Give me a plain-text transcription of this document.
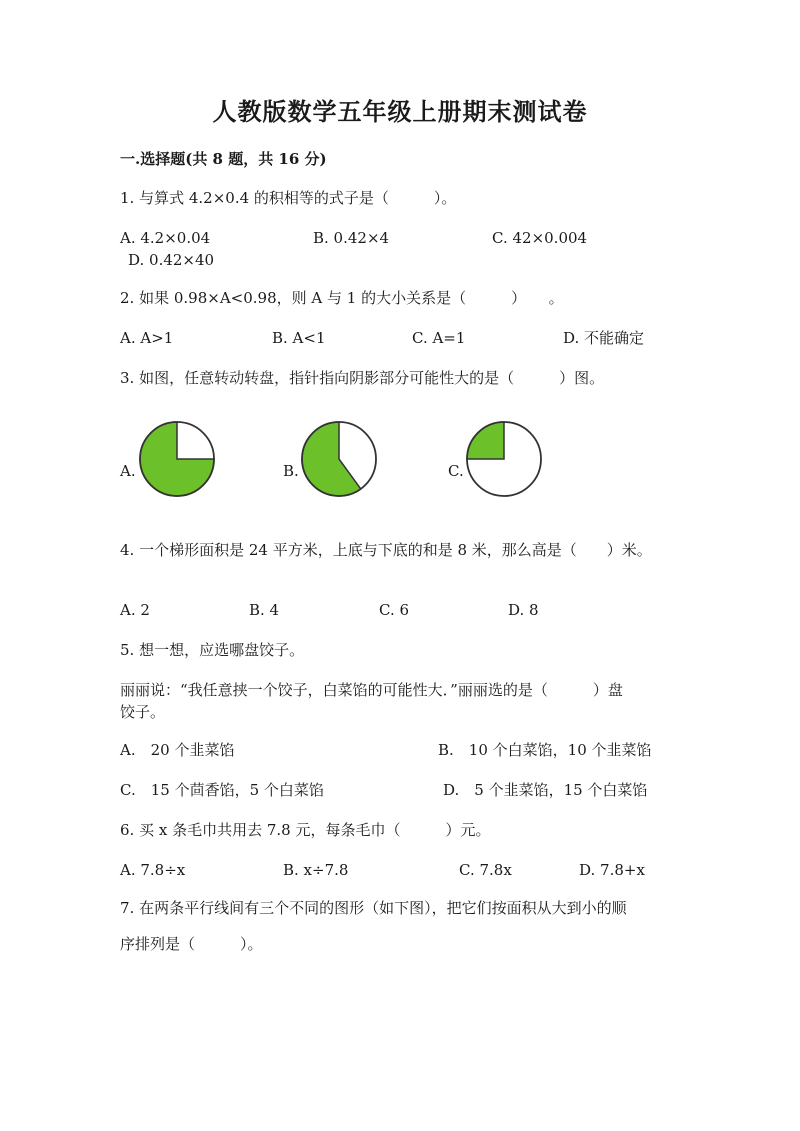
人教版数学五年级上册期末测试卷
一.选择题(共 8 题，共 16 分)
1. 与算式 4.2×0.4 的积相等的式子是（　　　）。
A. 4.2×0.04	B. 0.42×4	C. 42×0.004
D. 0.42×40
2. 如果 0.98×A<0.98，则 A 与 1 的大小关系是（　　　）　　。
A. A>1	B. A<1	C. A=1	D. 不能确定
3. 如图，任意转动转盘，指针指向阴影部分可能性大的是（　　　）图。
A.	B.	C.
4. 一个梯形面积是 24 平方米，上底与下底的和是 8 米，那么高是（　　）米。
A. 2	B. 4	C. 6	D. 8
5. 想一想，应选哪盘饺子。
丽丽说：“我任意挟一个饺子，白菜馅的可能性大．”丽丽选的是（　　　）盘
饺子。
A.　20 个韭菜馅	B.　10 个白菜馅，10 个韭菜馅
C.　15 个茴香馅，5 个白菜馅	D.　5 个韭菜馅，15 个白菜馅
6. 买 x 条毛巾共用去 7.8 元，每条毛巾（　　　）元。
A. 7.8÷x	B. x÷7.8	C. 7.8x	D. 7.8+x
7. 在两条平行线间有三个不同的图形（如下图），把它们按面积从大到小的顺
序排列是（　　　）。
